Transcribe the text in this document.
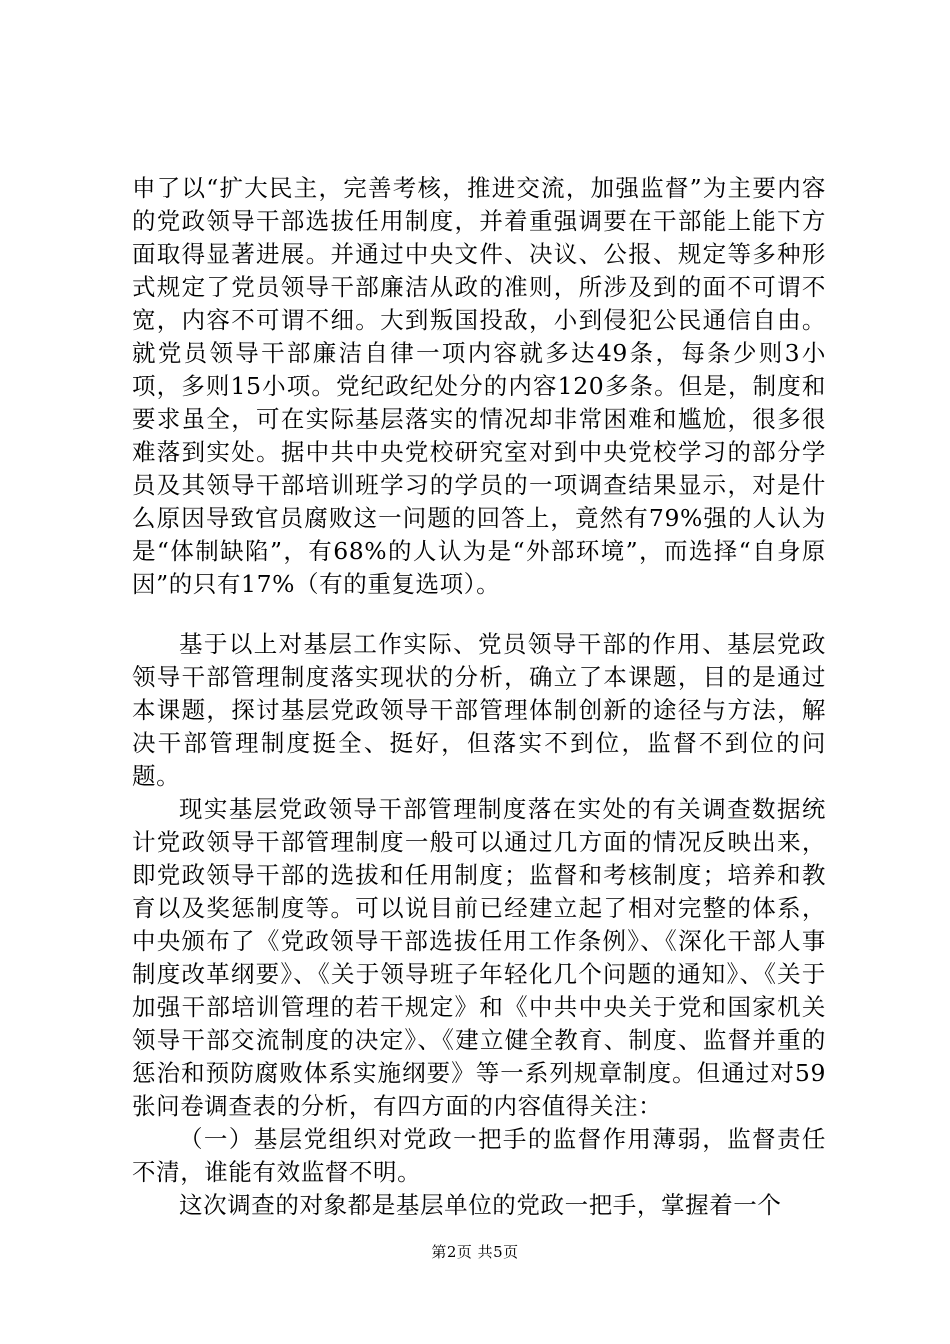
申了以“扩大民主，完善考核，推进交流，加强监督”为主要内容的党政领导干部选拔任用制度，并着重强调要在干部能上能下方面取得显著进展。并通过中央文件、决议、公报、规定等多种形式规定了党员领导干部廉洁从政的准则，所涉及到的面不可谓不宽，内容不可谓不细。大到叛国投敌，小到侵犯公民通信自由。就党员领导干部廉洁自律一项内容就多达49条，每条少则3小项，多则15小项。党纪政纪处分的内容120多条。但是，制度和要求虽全，可在实际基层落实的情况却非常困难和尴尬，很多很难落到实处。据中共中央党校研究室对到中央党校学习的部分学员及其领导干部培训班学习的学员的一项调查结果显示，对是什么原因导致官员腐败这一问题的回答上，竟然有79%强的人认为是“体制缺陷”，有68%的人认为是“外部环境”，而选择“自身原因”的只有17%（有的重复选项）。

基于以上对基层工作实际、党员领导干部的作用、基层党政领导干部管理制度落实现状的分析，确立了本课题，目的是通过本课题，探讨基层党政领导干部管理体制创新的途径与方法，解决干部管理制度挺全、挺好，但落实不到位，监督不到位的问题。

现实基层党政领导干部管理制度落在实处的有关调查数据统计党政领导干部管理制度一般可以通过几方面的情况反映出来，即党政领导干部的选拔和任用制度；监督和考核制度；培养和教育以及奖惩制度等。可以说目前已经建立起了相对完整的体系，中央颁布了《党政领导干部选拔任用工作条例》、《深化干部人事制度改革纲要》、《关于领导班子年轻化几个问题的通知》、《关于加强干部培训管理的若干规定》和《中共中央关于党和国家机关领导干部交流制度的决定》、《建立健全教育、制度、监督并重的惩治和预防腐败体系实施纲要》等一系列规章制度。但通过对59张问卷调查表的分析，有四方面的内容值得关注：

（一）基层党组织对党政一把手的监督作用薄弱，监督责任不清，谁能有效监督不明。

这次调查的对象都是基层单位的党政一把手，掌握着一个

第2页 共5页
